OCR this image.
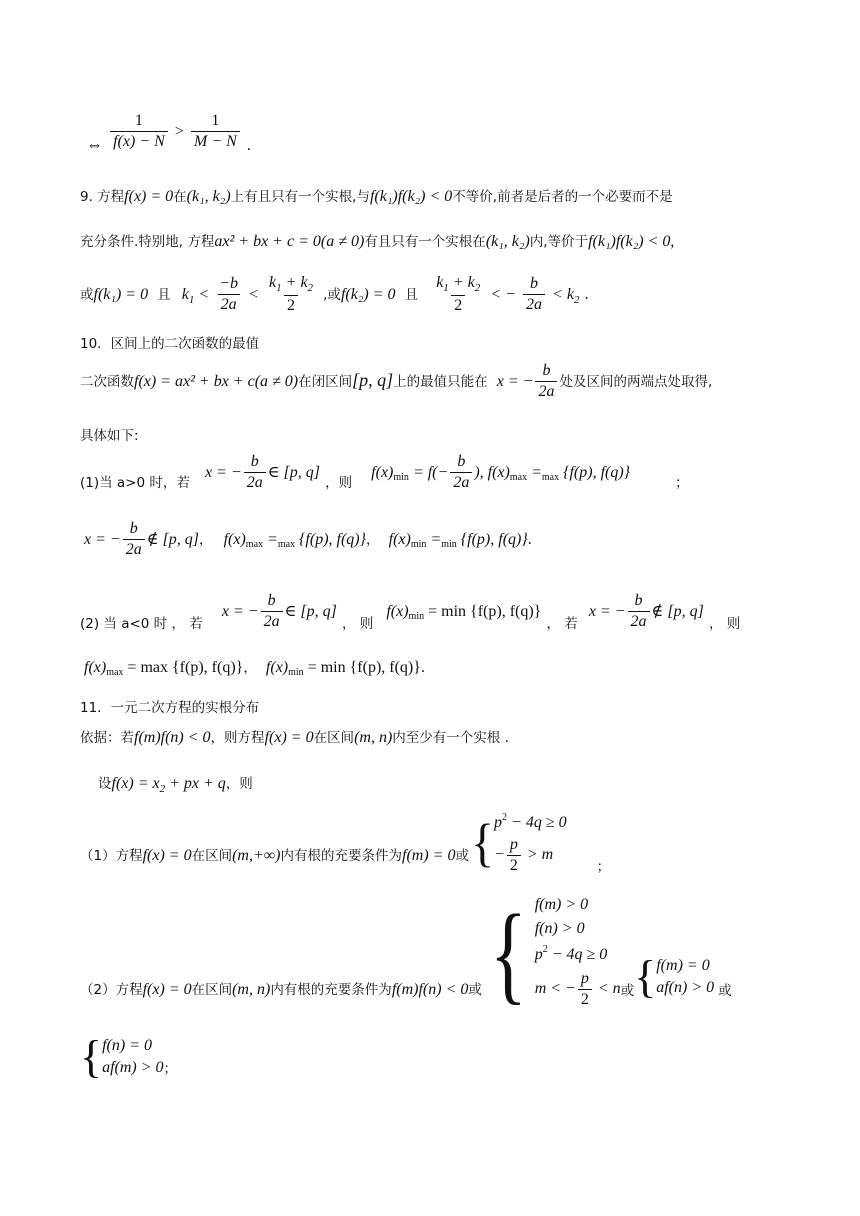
⇔ $\frac{1}{f(x) - N} > \frac{1}{M - N}$ .
9. 方程f(x) = 0在(k₁, k₂)上有且只有一个实根,与f(k₁)f(k₂) < 0不等价,前者是后者的一个必要而不是
充分条件.特别地, 方程ax² + bx + c = 0(a ≠ 0)有且只有一个实根在(k₁, k₂)内,等价于f(k₁)f(k₂) < 0,
或f(k₁) = 0 且 $k_1 < \frac{-b}{2a} < \frac{k_1 + k_2}{2}$ ,或f(k₂) = 0 且 $\frac{k_1 + k_2}{2}$ < − $\frac{b}{2a} < k_2$ .
10．区间上的二次函数的最值
二次函数f(x) = ax² + bx + c(a ≠ 0)在闭区间[p, q]上的最值只能在 x = − $\frac{b}{2a}$ 处及区间的两端点处取得,
具体如下:
$_{(1)当 a>0 时,若}$ x = − $\frac{b}{2a}$ ∈ [p, q] $_{,则}$ $f(x)_{min} = f(- \frac{b}{2a}$ ), $f(x)_{max} =_{max}$ {f(p), f(q)} $_;$
x = − $\frac{b}{2a}$ ∉ [p, q]， $f(x)_{max} =_{max}$ {f(p), f(q)}， $f(x)_{min} =_{min}$ {f(p), f(q)}.
$_{(2) 当 a<0 时 , 若}$ x = − $\frac{b}{2a}$ ∈ [p, q] $_{, 则}$ $f(x)_{min} = \min \{f(p)$, f(q)} $_{, 若}$ x = − $\frac{b}{2a}$ ∉ [p, q] $_{, 则}$
$f(x)_{max} = \max \{f(p)$, f(q)}， $f(x)_{min} = \min \{f(p)$, f(q)}.
11．一元二次方程的实根分布
依据：若f(m)f(n) < 0，则方程f(x) = 0在区间(m, n)内至少有一个实根 .
设$f(x) = x_2$ + px + q，则
（1）方程f(x) = 0在区间(m,+∞)内有根的充要条件为f(m) = 0或 { $p^2 - 4q \ge 0$
− $\frac{p}{2} > m$
；
（2）方程f(x) = 0在区间(m, n)内有根的充要条件为f(m)f(n) < 0或 { f(m) > 0
f(n) > 0
$p^2 - 4q \ge 0$
m < − $\frac{p}{2} < n$ 或 { f(m) = 0
af(n) > 0 或
{ f(n) = 0
af(m) > 0 ；
